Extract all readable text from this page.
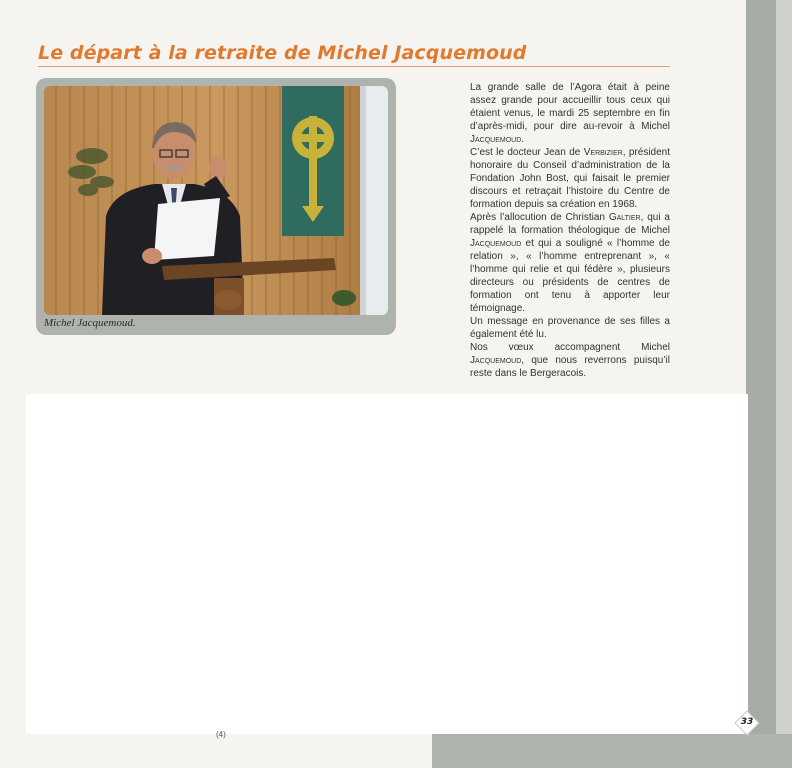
Le départ à la retraite de Michel Jacquemoud

Michel Jacquemoud.

La grande salle de l’Agora était à peine assez grande pour accueillir tous ceux qui étaient venus, le mardi 25 septembre en fin d’après-midi, pour dire au-revoir à Michel Jacquemoud.

C’est le docteur Jean de Verbizier, président honoraire du Conseil d’administration de la Fondation John Bost, qui faisait le premier discours et retraçait l’histoire du Centre de formation depuis sa création en 1968.

Après l’allocution de Christian Galtier, qui a rappelé la formation théologique de Michel Jacquemoud et qui a souligné « l’homme de relation », « l’homme entreprenant », « l’homme qui relie et qui fédère », plusieurs directeurs ou présidents de centres de formation ont tenu à apporter leur témoignage.

Un message en provenance de ses filles a également été lu.

Nos vœux accompagnent Michel Jacquemoud, que nous reverrons puisqu’il reste dans le Bergeracois.

(4)
33
